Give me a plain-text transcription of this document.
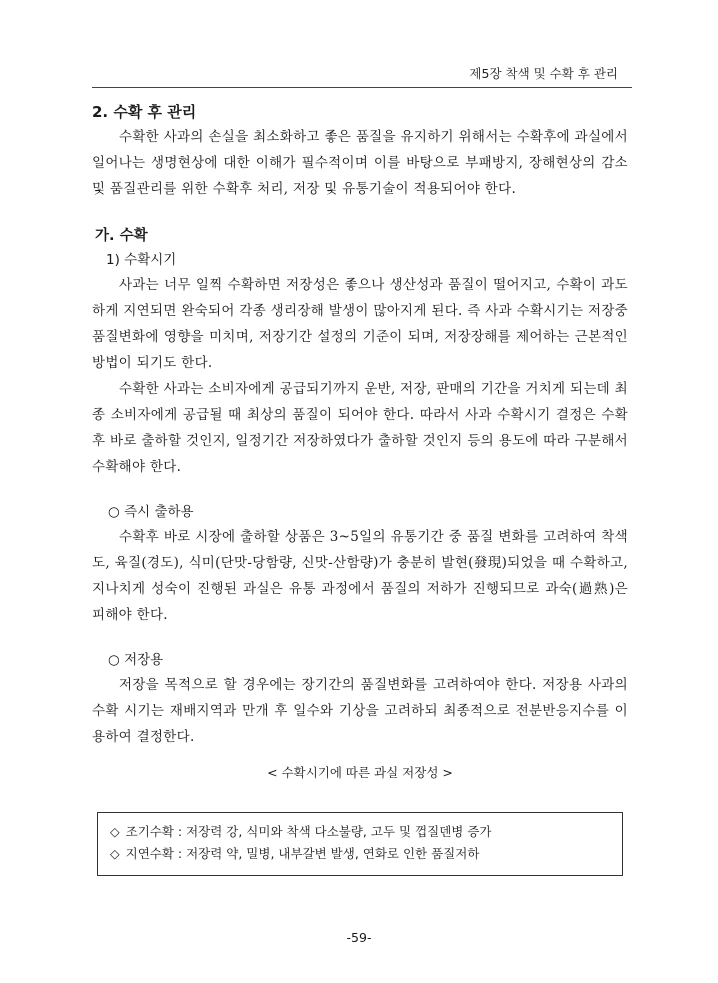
제5장 착색 및 수확 후 관리
2. 수확 후 관리

수확한 사과의 손실을 최소화하고 좋은 품질을 유지하기 위해서는 수확후에 과실에서 일어나는 생명현상에 대한 이해가 필수적이며 이를 바탕으로 부패방지, 장해현상의 감소 및 품질관리를 위한 수확후 처리, 저장 및 유통기술이 적용되어야 한다.

가. 수확
1) 수확시기

사과는 너무 일찍 수확하면 저장성은 좋으나 생산성과 품질이 떨어지고, 수확이 과도하게 지연되면 완숙되어 각종 생리장해 발생이 많아지게 된다. 즉 사과 수확시기는 저장중 품질변화에 영향을 미치며, 저장기간 설정의 기준이 되며, 저장장해를 제어하는 근본적인 방법이 되기도 한다.

수확한 사과는 소비자에게 공급되기까지 운반, 저장, 판매의 기간을 거치게 되는데 최종 소비자에게 공급될 때 최상의 품질이 되어야 한다. 따라서 사과 수확시기 결정은 수확 후 바로 출하할 것인지, 일정기간 저장하였다가 출하할 것인지 등의 용도에 따라 구분해서 수확해야 한다.

○ 즉시 출하용

수확후 바로 시장에 출하할 상품은 3~5일의 유통기간 중 품질 변화를 고려하여 착색도, 육질(경도), 식미(단맛-당함량, 신맛-산함량)가 충분히 발현(發現)되었을 때 수확하고, 지나치게 성숙이 진행된 과실은 유통 과정에서 품질의 저하가 진행되므로 과숙(過熟)은 피해야 한다.

○ 저장용

저장을 목적으로 할 경우에는 장기간의 품질변화를 고려하여야 한다. 저장용 사과의 수확 시기는 재배지역과 만개 후 일수와 기상을 고려하되 최종적으로 전분반응지수를 이용하여 결정한다.

< 수확시기에 따른 과실 저장성 >
◇ 조기수확 : 저장력 강, 식미와 착색 다소불량, 고두 및 껍질덴병 증가
◇ 지연수확 : 저장력 약, 밀병, 내부갈변 발생, 연화로 인한 품질저하
-59-
